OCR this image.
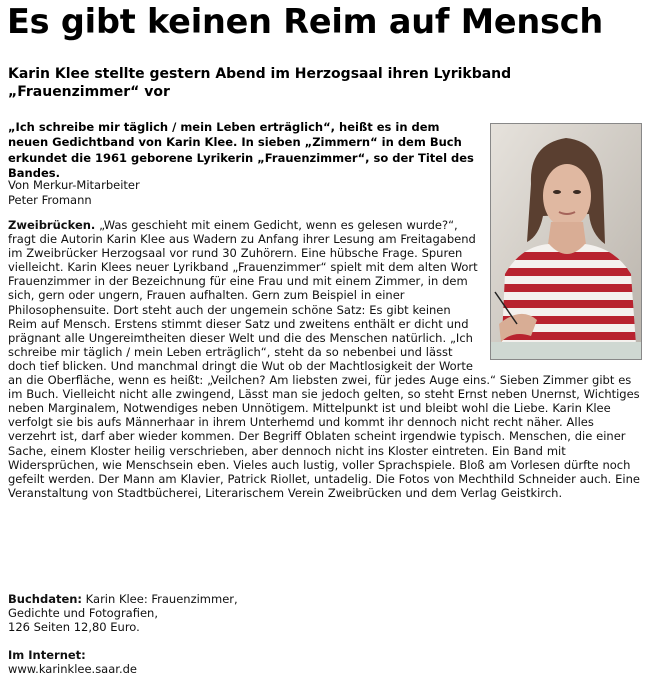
Es gibt keinen Reim auf Mensch

Karin Klee stellte gestern Abend im Herzogsaal ihren Lyrikband „Frauenzimmer“ vor

„Ich schreibe mir täglich / mein Leben erträglich“, heißt es in dem neuen Gedichtband von Karin Klee. In sieben „Zimmern“ in dem Buch erkundet die 1961 geborene Lyrikerin „Frauenzimmer“, so der Titel des Bandes.

Von Merkur-Mitarbeiter
Peter Fromann
Zweibrücken. „Was geschieht mit einem Gedicht, wenn es gelesen wurde?“, fragt die Autorin Karin Klee aus Wadern zu Anfang ihrer Lesung am Freitagabend im Zweibrücker Herzogsaal vor rund 30 Zuhörern. Eine hübsche Frage. Spuren vielleicht. Karin Klees neuer Lyrikband „Frauenzimmer“ spielt mit dem alten Wort Frauenzimmer in der Bezeichnung für eine Frau und mit einem Zimmer, in dem sich, gern oder ungern, Frauen aufhalten. Gern zum Beispiel in einer Philosophensuite. Dort steht auch der ungemein schöne Satz: Es gibt keinen Reim auf Mensch. Erstens stimmt dieser Satz und zweitens enthält er dicht und prägnant alle Ungereimtheiten dieser Welt und die des Menschen natürlich. „Ich schreibe mir täglich / mein Leben erträglich“, steht da so nebenbei und lässt doch tief blicken. Und manchmal dringt die Wut ob der Machtlosigkeit der Worte an die Oberfläche, wenn es heißt: „Veilchen? Am liebsten zwei, für jedes Auge eins.“ Sieben Zimmer gibt es im Buch. Vielleicht nicht alle zwingend, Lässt man sie jedoch gelten, so steht Ernst neben Unernst, Wichtiges neben Marginalem, Notwendiges neben Unnötigem. Mittelpunkt ist und bleibt wohl die Liebe. Karin Klee verfolgt sie bis aufs Männerhaar in ihrem Unterhemd und kommt ihr dennoch nicht recht näher. Alles verzehrt ist, darf aber wieder kommen. Der Begriff Oblaten scheint irgendwie typisch. Menschen, die einer Sache, einem Kloster heilig verschrieben, aber dennoch nicht ins Kloster eintreten. Ein Band mit Widersprüchen, wie Menschsein eben. Vieles auch lustig, voller Sprachspiele. Bloß am Vorlesen dürfte noch gefeilt werden. Der Mann am Klavier, Patrick Riollet, untadelig. Die Fotos von Mechthild Schneider auch. Eine Veranstaltung von Stadtbücherei, Literarischem Verein Zweibrücken und dem Verlag Geistkirch.
Buchdaten: Karin Klee: Frauenzimmer,
Gedichte und Fotografien,
126 Seiten 12,80 Euro.
Im Internet:
www.karinklee.saar.de
